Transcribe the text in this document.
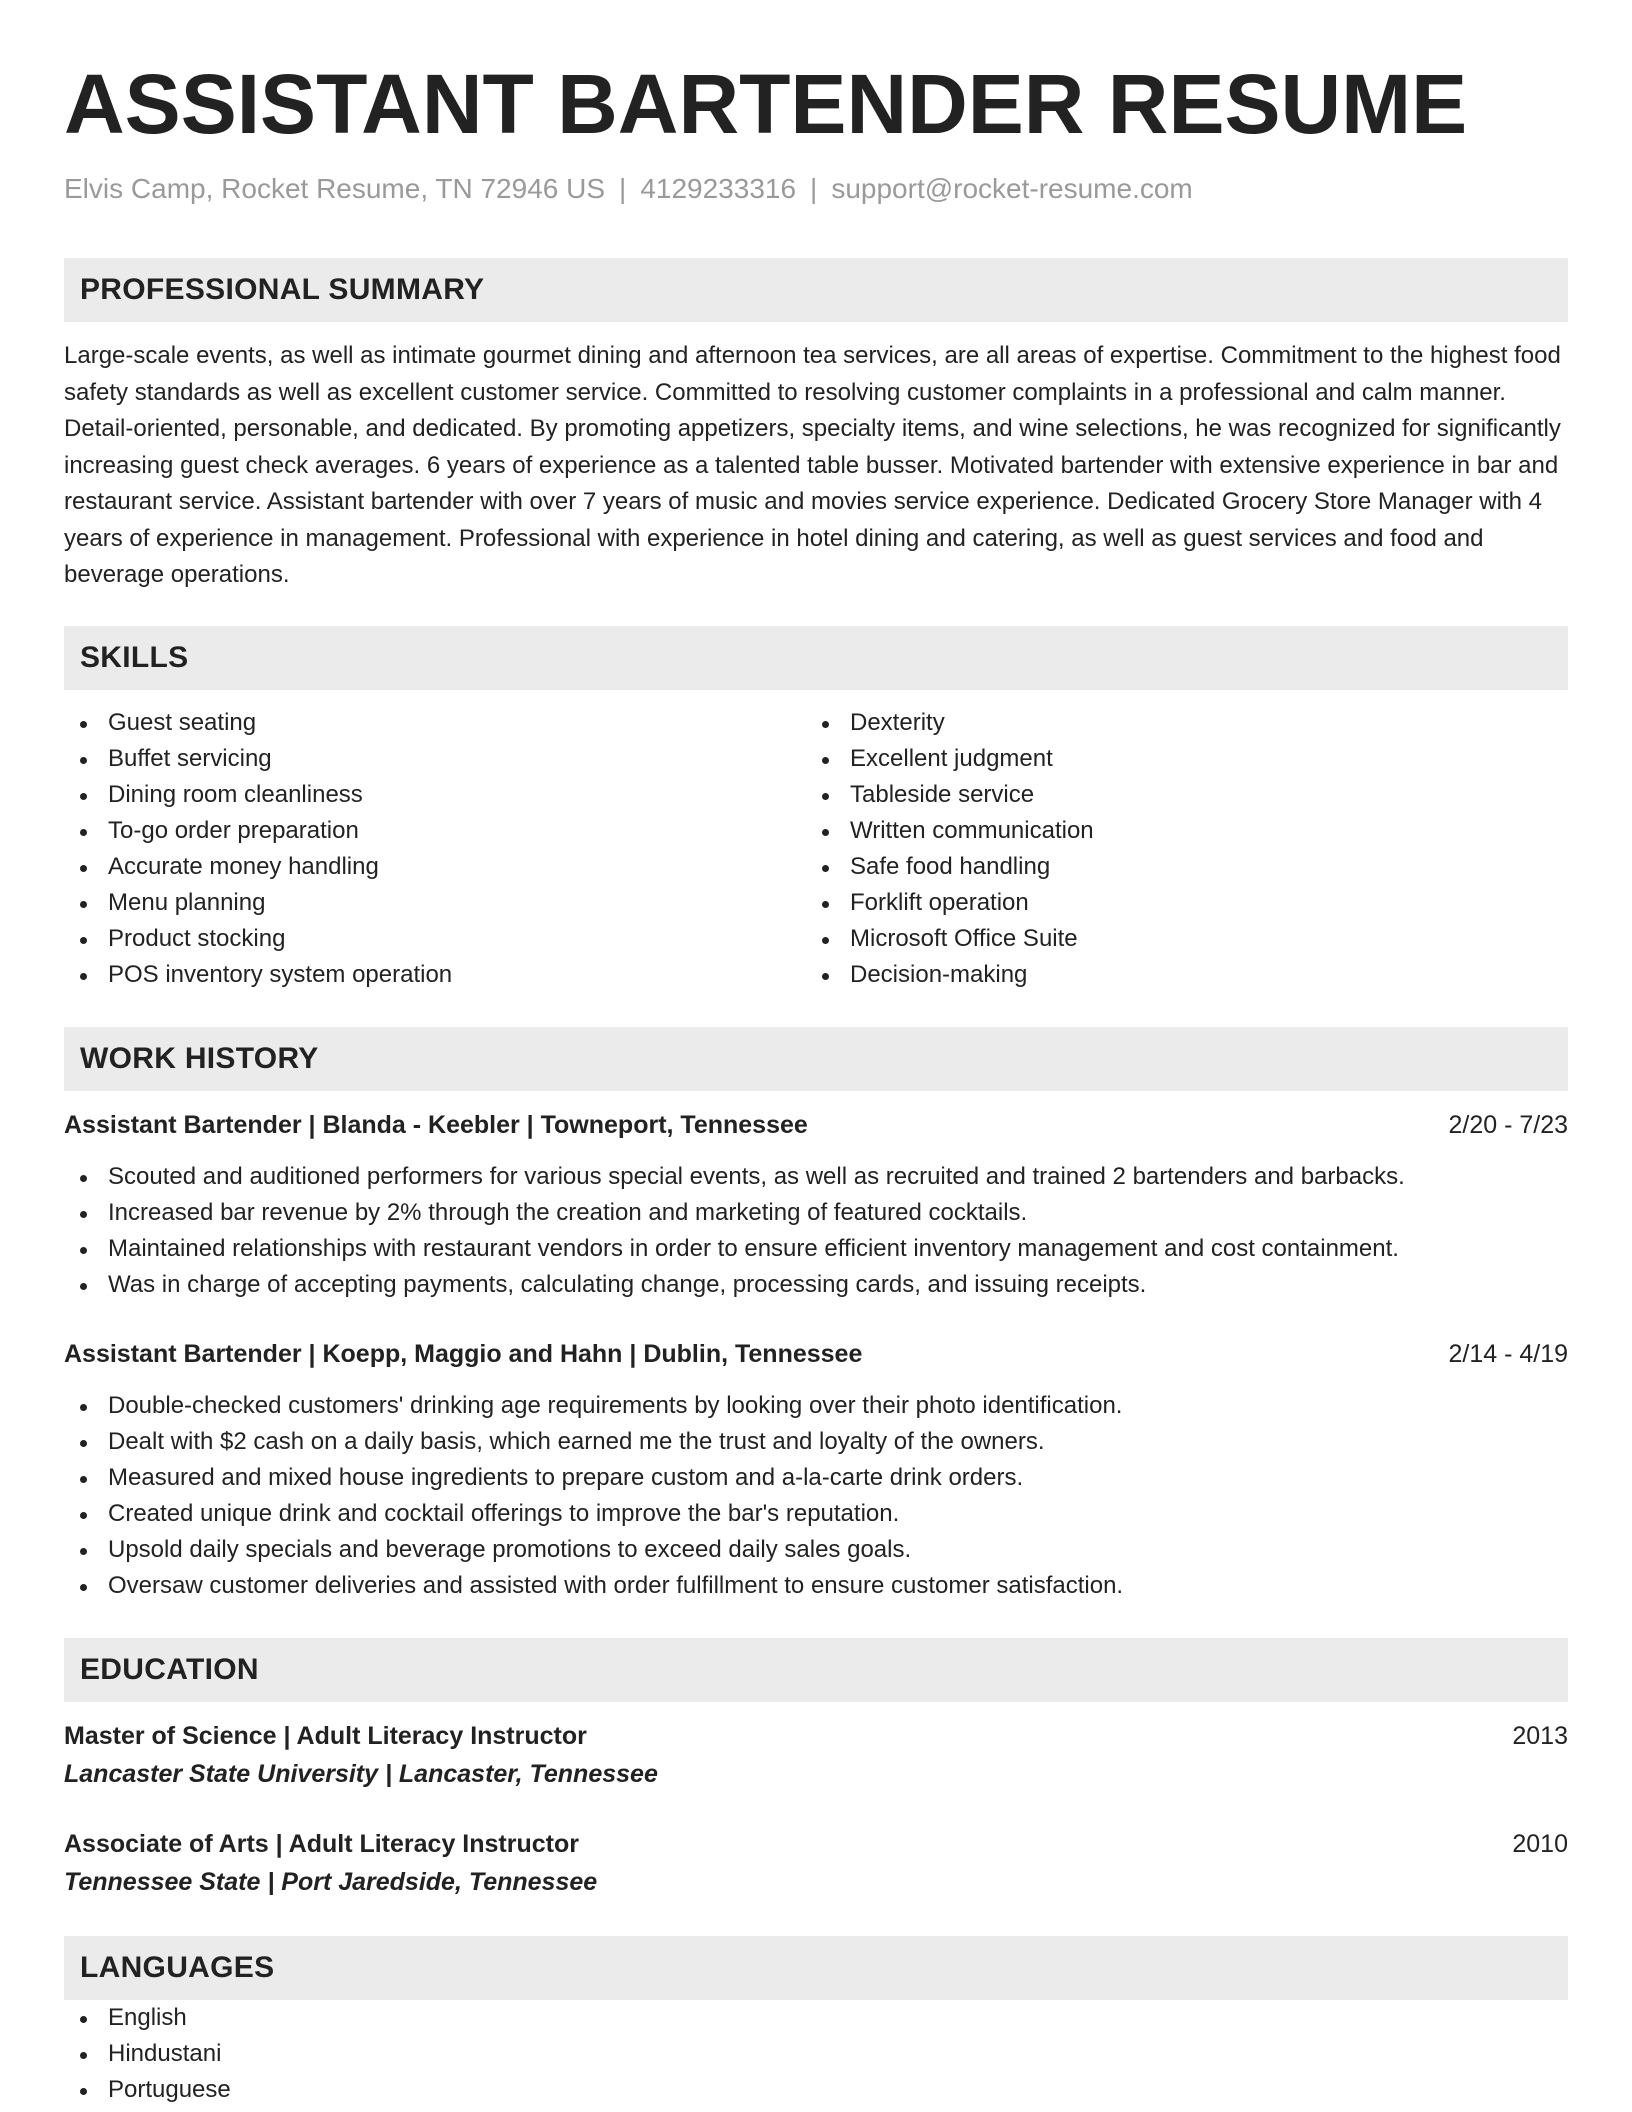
ASSISTANT BARTENDER RESUME
Elvis Camp, Rocket Resume, TN 72946 US | 4129233316 | support@rocket-resume.com
PROFESSIONAL SUMMARY

Large-scale events, as well as intimate gourmet dining and afternoon tea services, are all areas of expertise. Commitment to the highest food safety standards as well as excellent customer service. Committed to resolving customer complaints in a professional and calm manner. Detail-oriented, personable, and dedicated. By promoting appetizers, specialty items, and wine selections, he was recognized for significantly increasing guest check averages. 6 years of experience as a talented table busser. Motivated bartender with extensive experience in bar and restaurant service. Assistant bartender with over 7 years of music and movies service experience. Dedicated Grocery Store Manager with 4 years of experience in management. Professional with experience in hotel dining and catering, as well as guest services and food and beverage operations.

SKILLS
Guest seating
Buffet servicing
Dining room cleanliness
To-go order preparation
Accurate money handling
Menu planning
Product stocking
POS inventory system operation
Dexterity
Excellent judgment
Tableside service
Written communication
Safe food handling
Forklift operation
Microsoft Office Suite
Decision-making
WORK HISTORY
Assistant Bartender | Blanda - Keebler | Towneport, Tennessee	2/20 - 7/23
Scouted and auditioned performers for various special events, as well as recruited and trained 2 bartenders and barbacks.
Increased bar revenue by 2% through the creation and marketing of featured cocktails.
Maintained relationships with restaurant vendors in order to ensure efficient inventory management and cost containment.
Was in charge of accepting payments, calculating change, processing cards, and issuing receipts.
Assistant Bartender | Koepp, Maggio and Hahn | Dublin, Tennessee	2/14 - 4/19
Double-checked customers' drinking age requirements by looking over their photo identification.
Dealt with $2 cash on a daily basis, which earned me the trust and loyalty of the owners.
Measured and mixed house ingredients to prepare custom and a-la-carte drink orders.
Created unique drink and cocktail offerings to improve the bar's reputation.
Upsold daily specials and beverage promotions to exceed daily sales goals.
Oversaw customer deliveries and assisted with order fulfillment to ensure customer satisfaction.
EDUCATION
Master of Science | Adult Literacy Instructor	2013
Lancaster State University | Lancaster, Tennessee
Associate of Arts | Adult Literacy Instructor	2010
Tennessee State | Port Jaredside, Tennessee
LANGUAGES
English
Hindustani
Portuguese
